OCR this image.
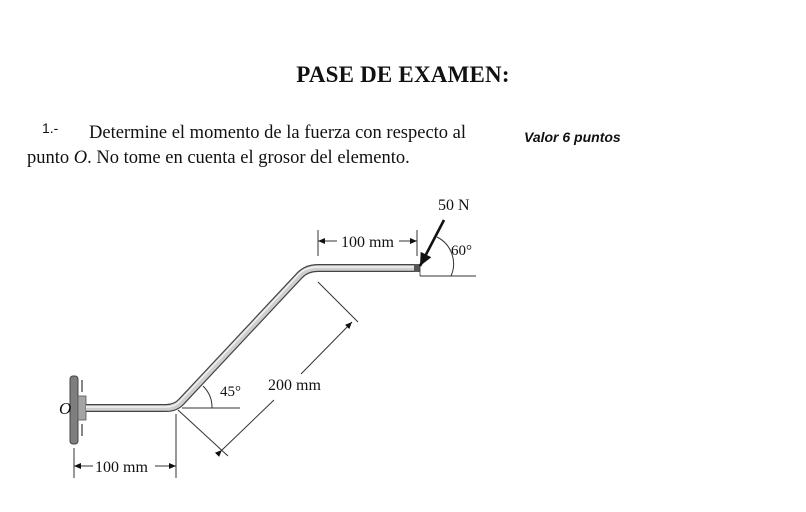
PASE DE EXAMEN:
1.- Determine el momento de la fuerza con respecto al
punto O. No tome en cuenta el grosor del elemento.
Valor 6 puntos
O
45° 200 mm
100 mm
100 mm
60°
50 N
